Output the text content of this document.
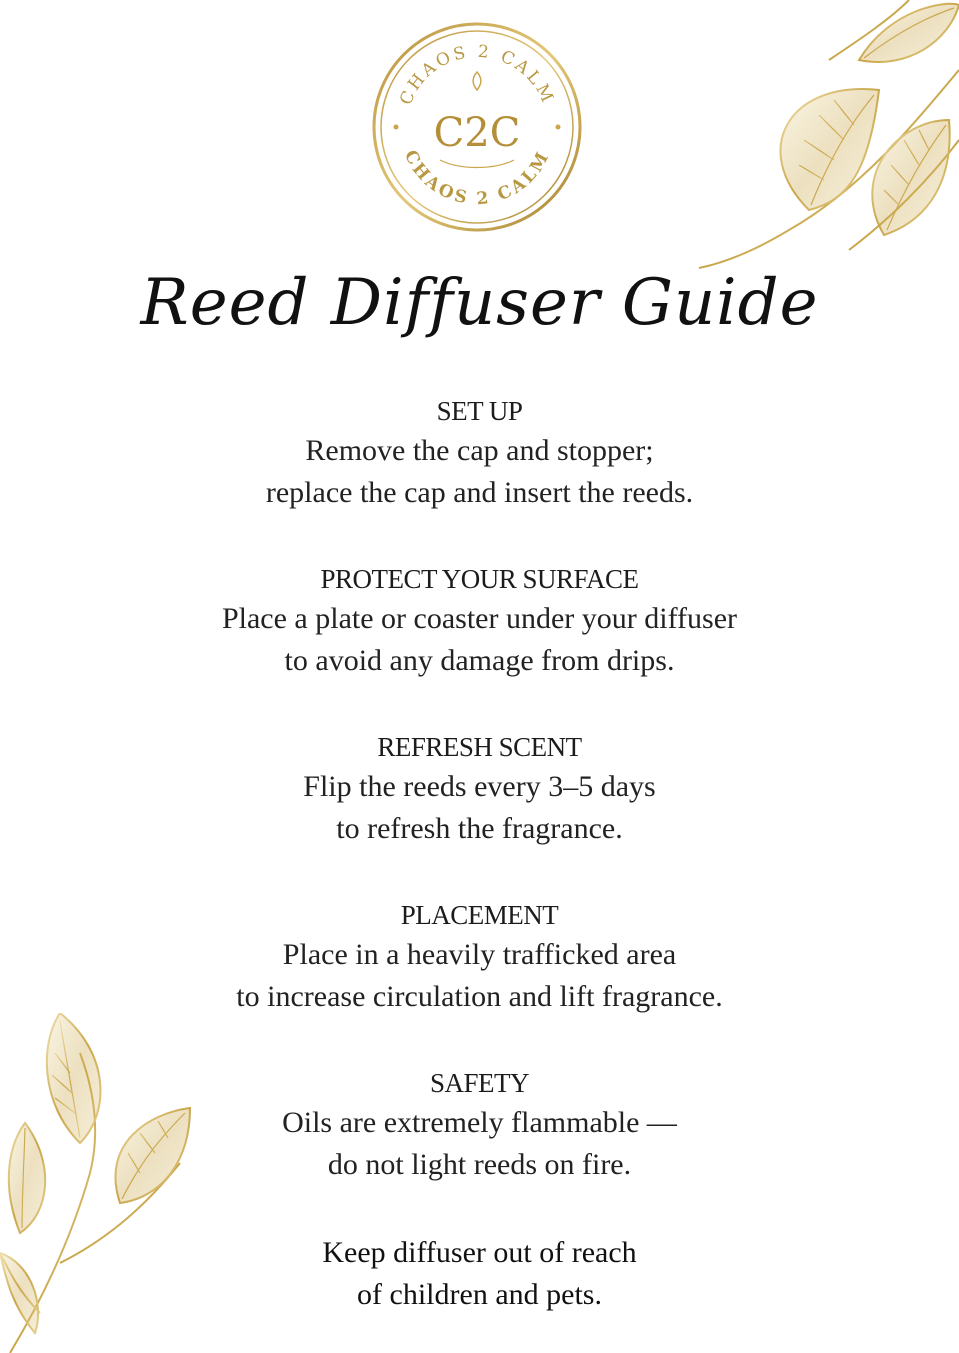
CHAOS 2 CALM
CHAOS 2 CALM
C2C
Reed Diffuser Guide
SET UP
Remove the cap and stopper;
replace the cap and insert the reeds.
PROTECT YOUR SURFACE
Place a plate or coaster under your diffuser
to avoid any damage from drips.
REFRESH SCENT
Flip the reeds every 3–5 days
to refresh the fragrance.
PLACEMENT
Place in a heavily trafficked area
to increase circulation and lift fragrance.
SAFETY
Oils are extremely flammable —
do not light reeds on fire.
Keep diffuser out of reach
of children and pets.
